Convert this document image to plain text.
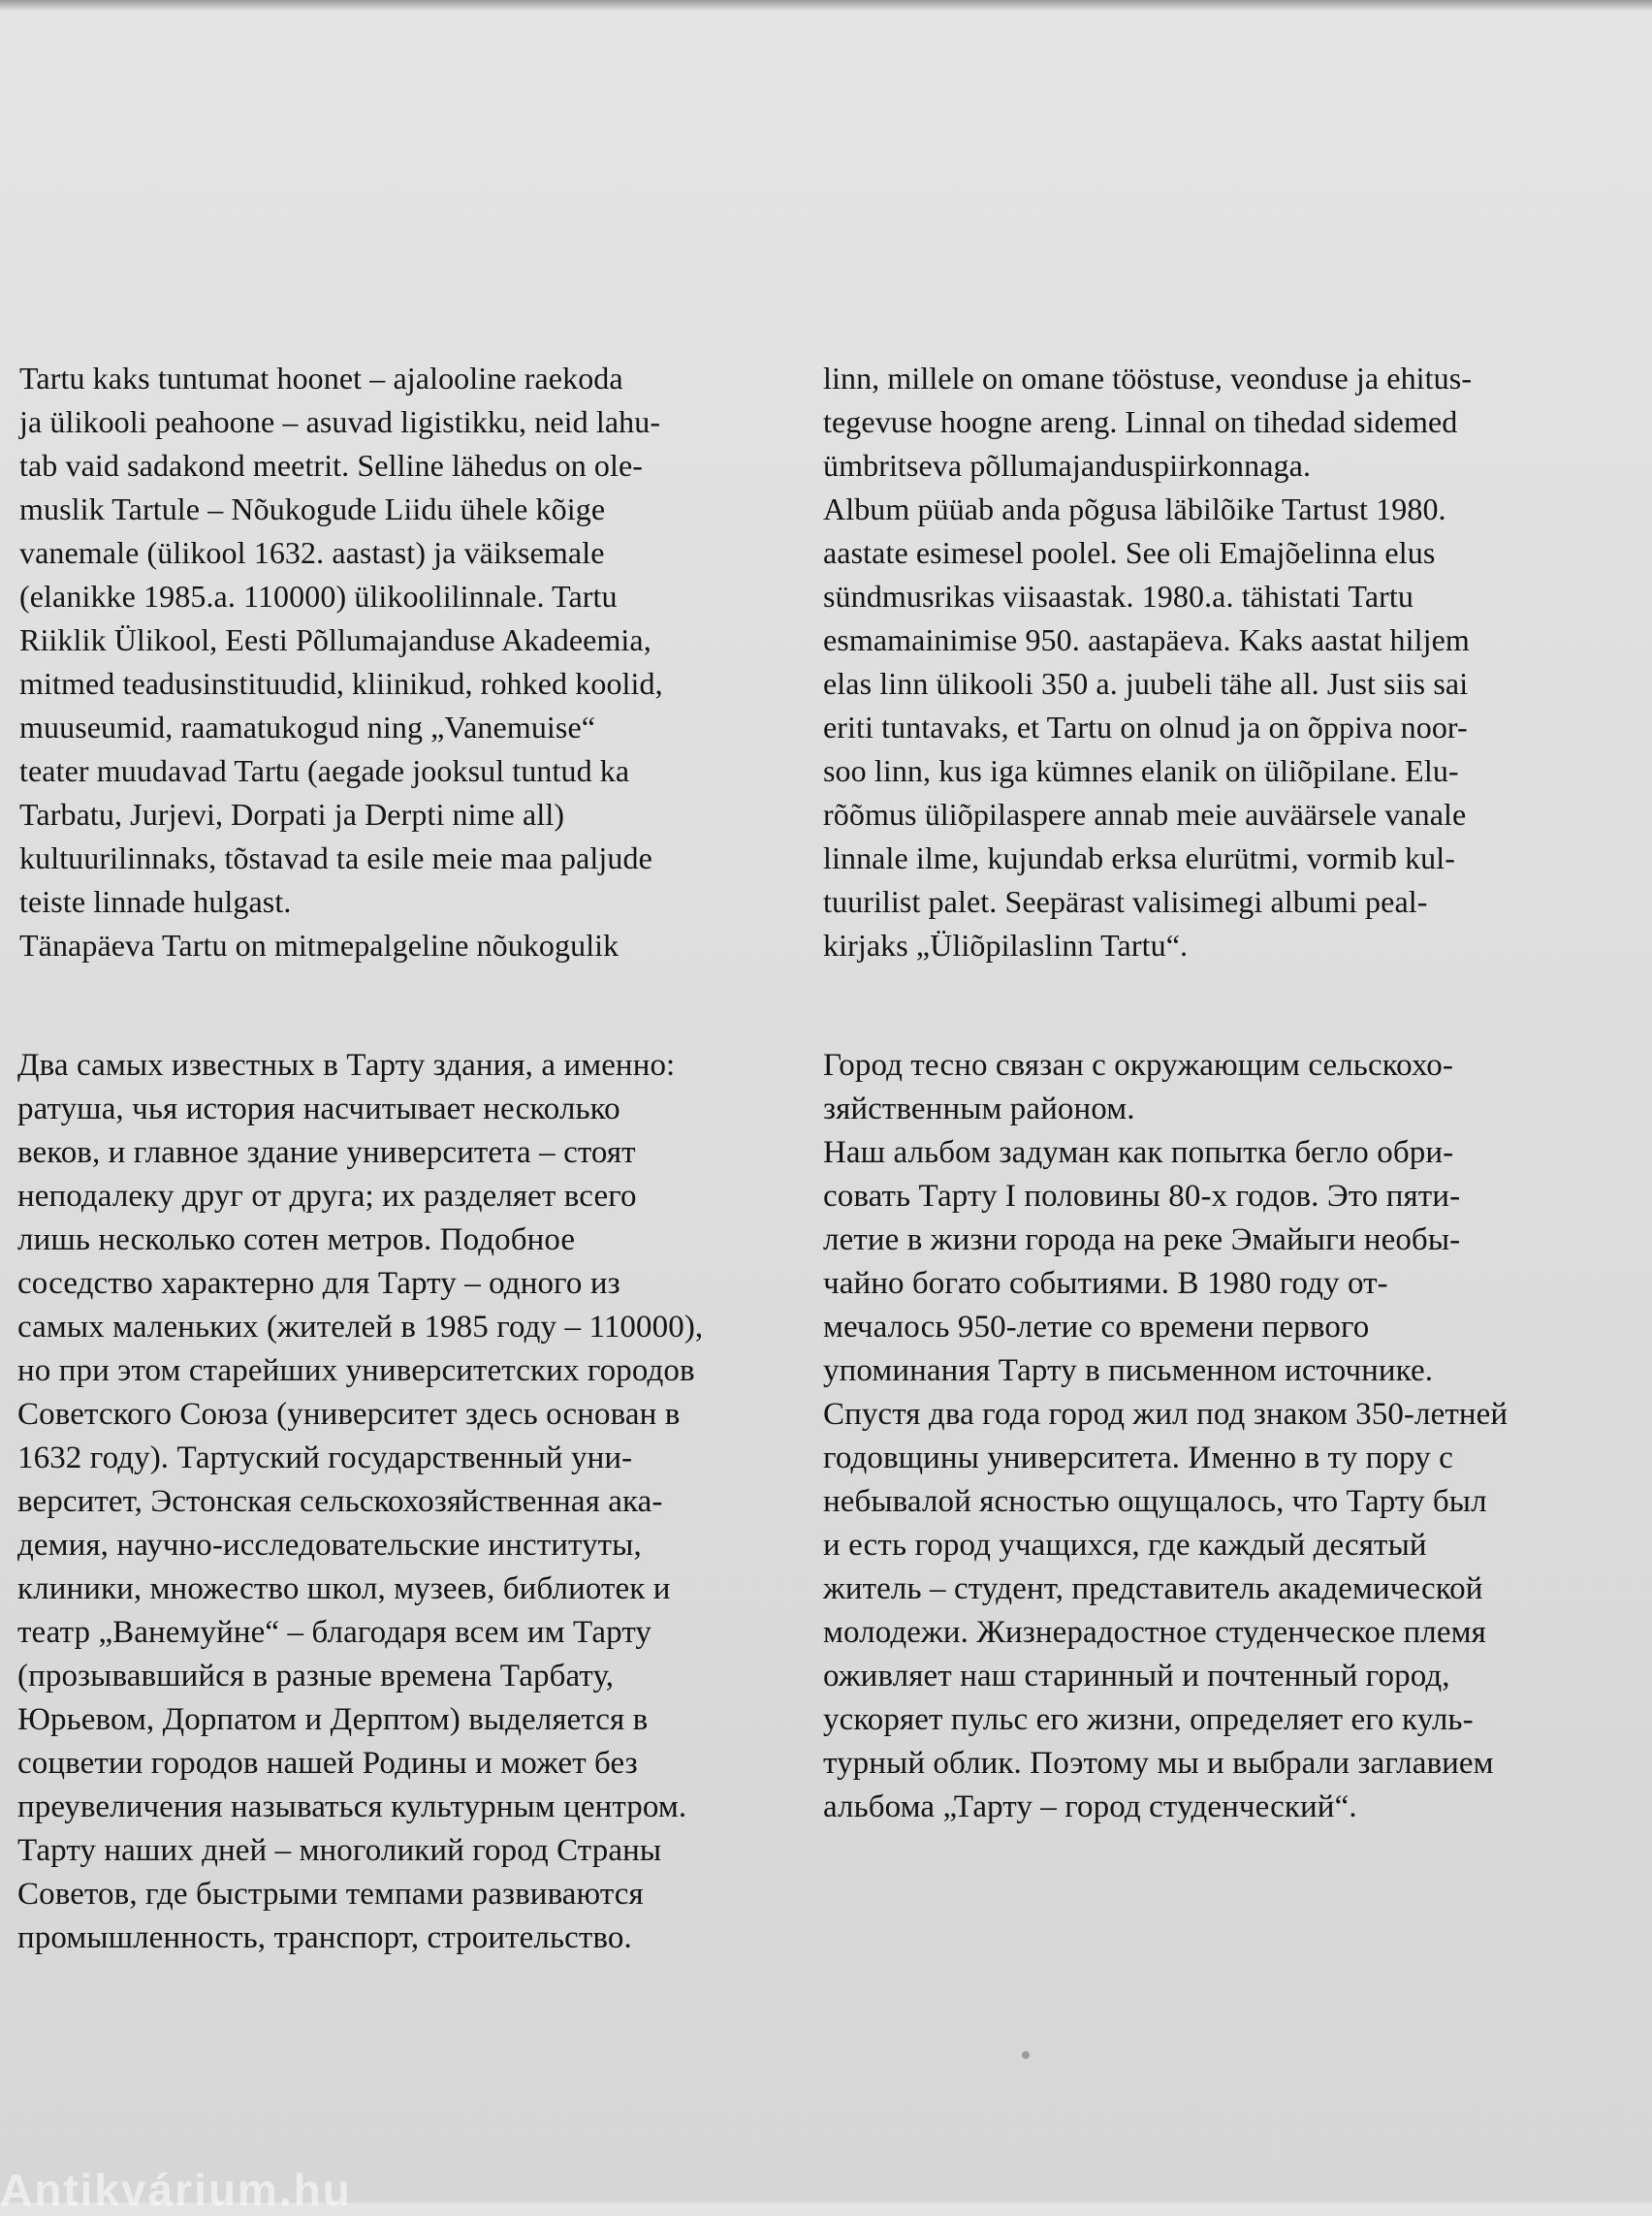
Tartu kaks tuntumat hoonet – ajalooline raekoda
ja ülikooli peahoone – asuvad ligistikku, neid lahu-
tab vaid sadakond meetrit. Selline lähedus on ole-
muslik Tartule – Nõukogude Liidu ühele kõige
vanemale (ülikool 1632. aastast) ja väiksemale
(elanikke 1985.a. 110000) ülikoolilinnale. Tartu
Riiklik Ülikool, Eesti Põllumajanduse Akadeemia,
mitmed teadusinstituudid, kliinikud, rohked koolid,
muuseumid, raamatukogud ning „Vanemuise“
teater muudavad Tartu (aegade jooksul tuntud ka
Tarbatu, Jurjevi, Dorpati ja Derpti nime all)
kultuurilinnaks, tõstavad ta esile meie maa paljude
teiste linnade hulgast.
Tänapäeva Tartu on mitmepalgeline nõukogulik
linn, millele on omane tööstuse, veonduse ja ehitus-
tegevuse hoogne areng. Linnal on tihedad sidemed
ümbritseva põllumajanduspiirkonnaga.
Album püüab anda põgusa läbilõike Tartust 1980.
aastate esimesel poolel. See oli Emajõelinna elus
sündmusrikas viisaastak. 1980.a. tähistati Tartu
esmamainimise 950. aastapäeva. Kaks aastat hiljem
elas linn ülikooli 350 a. juubeli tähe all. Just siis sai
eriti tuntavaks, et Tartu on olnud ja on õppiva noor-
soo linn, kus iga kümnes elanik on üliõpilane. Elu-
rõõmus üliõpilaspere annab meie auväärsele vanale
linnale ilme, kujundab erksa elurütmi, vormib kul-
tuurilist palet. Seepärast valisimegi albumi peal-
kirjaks „Üliõpilaslinn Tartu“.
Два самых известных в Тарту здания, а именно:
ратуша, чья история насчитывает несколько
веков, и главное здание университета – стоят
неподалеку друг от друга; их разделяет всего
лишь несколько сотен метров. Подобное
соседство характерно для Тарту – одного из
самых маленьких (жителей в 1985 году – 110000),
но при этом старейших университетских городов
Советского Союза (университет здесь основан в
1632 году). Тартуский государственный уни-
верситет, Эстонская сельскохозяйственная ака-
демия, научно-исследовательские институты,
клиники, множество школ, музеев, библиотек и
театр „Ванемуйне“ – благодаря всем им Тарту
(прозывавшийся в разные времена Тарбату,
Юрьевом, Дорпатом и Дерптом) выделяется в
соцветии городов нашей Родины и может без
преувеличения называться культурным центром.
Тарту наших дней – многоликий город Страны
Советов, где быстрыми темпами развиваются
промышленность, транспорт, строительство.
Город тесно связан с окружающим сельскохо-
зяйственным районом.
Наш альбом задуман как попытка бегло обри-
совать Тарту I половины 80-х годов. Это пяти-
летие в жизни города на реке Эмайыги необы-
чайно богато событиями. В 1980 году от-
мечалось 950-летие со времени первого
упоминания Тарту в письменном источнике.
Спустя два года город жил под знаком 350-летней
годовщины университета. Именно в ту пору с
небывалой ясностью ощущалось, что Тарту был
и есть город учащихся, где каждый десятый
житель – студент, представитель академической
молодежи. Жизнерадостное студенческое племя
оживляет наш старинный и почтенный город,
ускоряет пульс его жизни, определяет его куль-
турный облик. Поэтому мы и выбрали заглавием
альбома „Тарту – город студенческий“.
Antikvárium.hu
